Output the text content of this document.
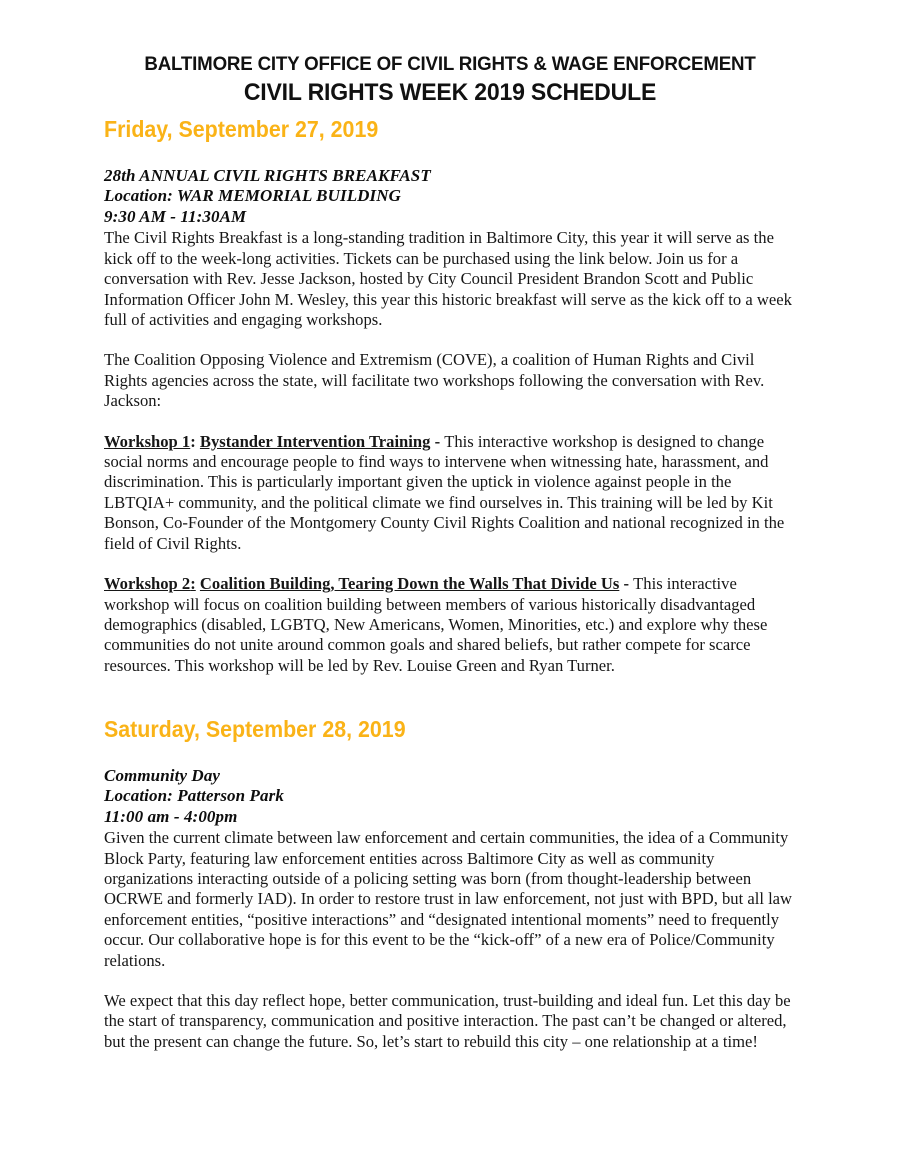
BALTIMORE CITY OFFICE OF CIVIL RIGHTS & WAGE ENFORCEMENT
CIVIL RIGHTS WEEK 2019 SCHEDULE
Friday, September 27, 2019
28th ANNUAL CIVIL RIGHTS BREAKFAST
Location: WAR MEMORIAL BUILDING
9:30 AM - 11:30AM

The Civil Rights Breakfast is a long-standing tradition in Baltimore City, this year it will serve as the kick off to the week-long activities. Tickets can be purchased using the link below. Join us for a conversation with Rev. Jesse Jackson, hosted by City Council President Brandon Scott and Public Information Officer John M. Wesley, this year this historic breakfast will serve as the kick off to a week full of activities and engaging workshops.

The Coalition Opposing Violence and Extremism (COVE), a coalition of Human Rights and Civil Rights agencies across the state, will facilitate two workshops following the conversation with Rev. Jackson:

Workshop 1: Bystander Intervention Training - This interactive workshop is designed to change social norms and encourage people to find ways to intervene when witnessing hate, harassment, and discrimination. This is particularly important given the uptick in violence against people in the LBTQIA+ community, and the political climate we find ourselves in. This training will be led by Kit Bonson, Co-Founder of the Montgomery County Civil Rights Coalition and national recognized in the field of Civil Rights.

Workshop 2: Coalition Building, Tearing Down the Walls That Divide Us - This interactive workshop will focus on coalition building between members of various historically disadvantaged demographics (disabled, LGBTQ, New Americans, Women, Minorities, etc.) and explore why these communities do not unite around common goals and shared beliefs, but rather compete for scarce resources. This workshop will be led by Rev. Louise Green and Ryan Turner.

Saturday, September 28, 2019
Community Day
Location: Patterson Park
11:00 am - 4:00pm

Given the current climate between law enforcement and certain communities, the idea of a Community Block Party, featuring law enforcement entities across Baltimore City as well as community organizations interacting outside of a policing setting was born (from thought-leadership between OCRWE and formerly IAD). In order to restore trust in law enforcement, not just with BPD, but all law enforcement entities, “positive interactions” and “designated intentional moments” need to frequently occur. Our collaborative hope is for this event to be the “kick-off” of a new era of Police/Community relations.

We expect that this day reflect hope, better communication, trust-building and ideal fun. Let this day be the start of transparency, communication and positive interaction. The past can’t be changed or altered, but the present can change the future. So, let’s start to rebuild this city – one relationship at a time!
